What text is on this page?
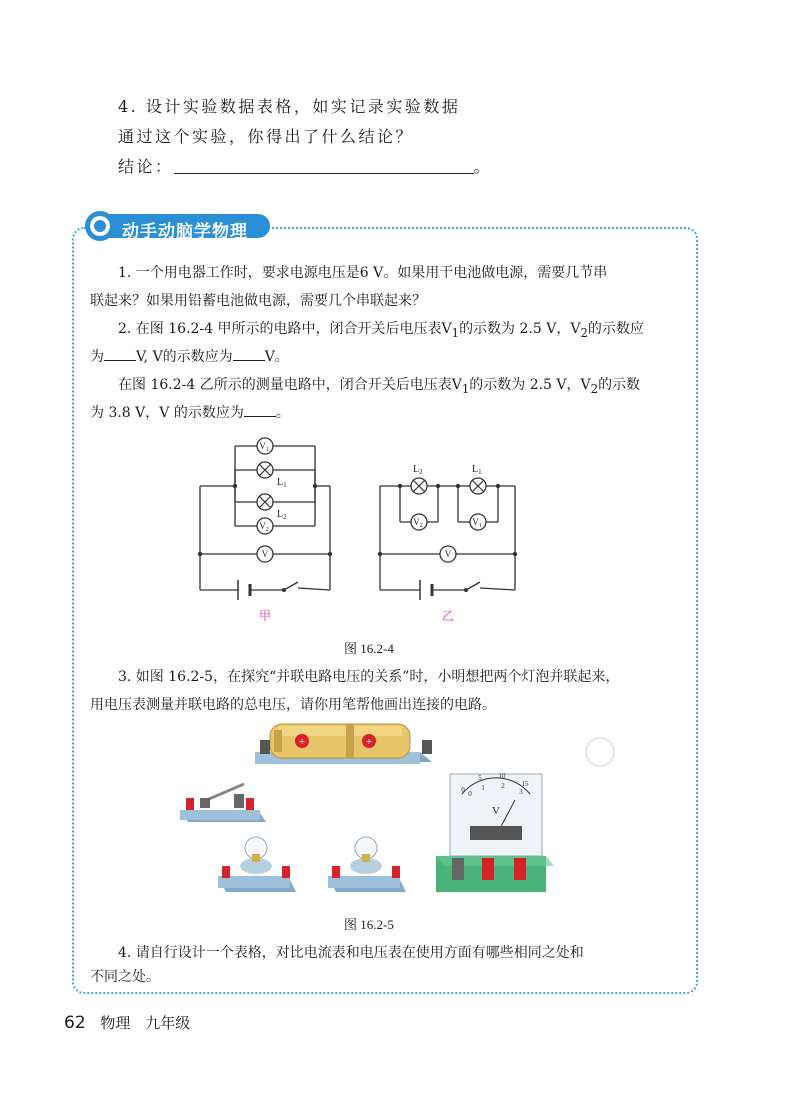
4. 设计实验数据表格，如实记录实验数据
通过这个实验，你得出了什么结论？
结论：	。
动手动脑学物理
1. 一个用电器工作时，要求电源电压是6 V。如果用干电池做电源，需要几节串
联起来？如果用铅蓄电池做电源，需要几个串联起来？
2. 在图 16.2-4 甲所示的电路中，闭合开关后电压表$V_1$的示数为 2.5 V，$V_2$的示数应
为 V, V的示数应为 V。
在图 16.2-4 乙所示的测量电路中，闭合开关后电压表$V_1$的示数为 2.5 V，$V_2$的示数
为 3.8 V，V 的示数应为 。
$V_1$
$V_2$
V
$V_2$	$V_1$
V
$L_1$
$L_2$
$L_2$	$L_1$
甲	乙
图 16.2-4
3. 如图 16.2-5，在探究“并联电路电压的关系”时，小明想把两个灯泡并联起来，
用电压表测量并联电路的总电压，请你用笔帮他画出连接的电路。
+	+
0
5 10
15
0
1 2
3
V
图 16.2-5
4. 请自行设计一个表格，对比电流表和电压表在使用方面有哪些相同之处和
不同之处。
62 物理 九年级
